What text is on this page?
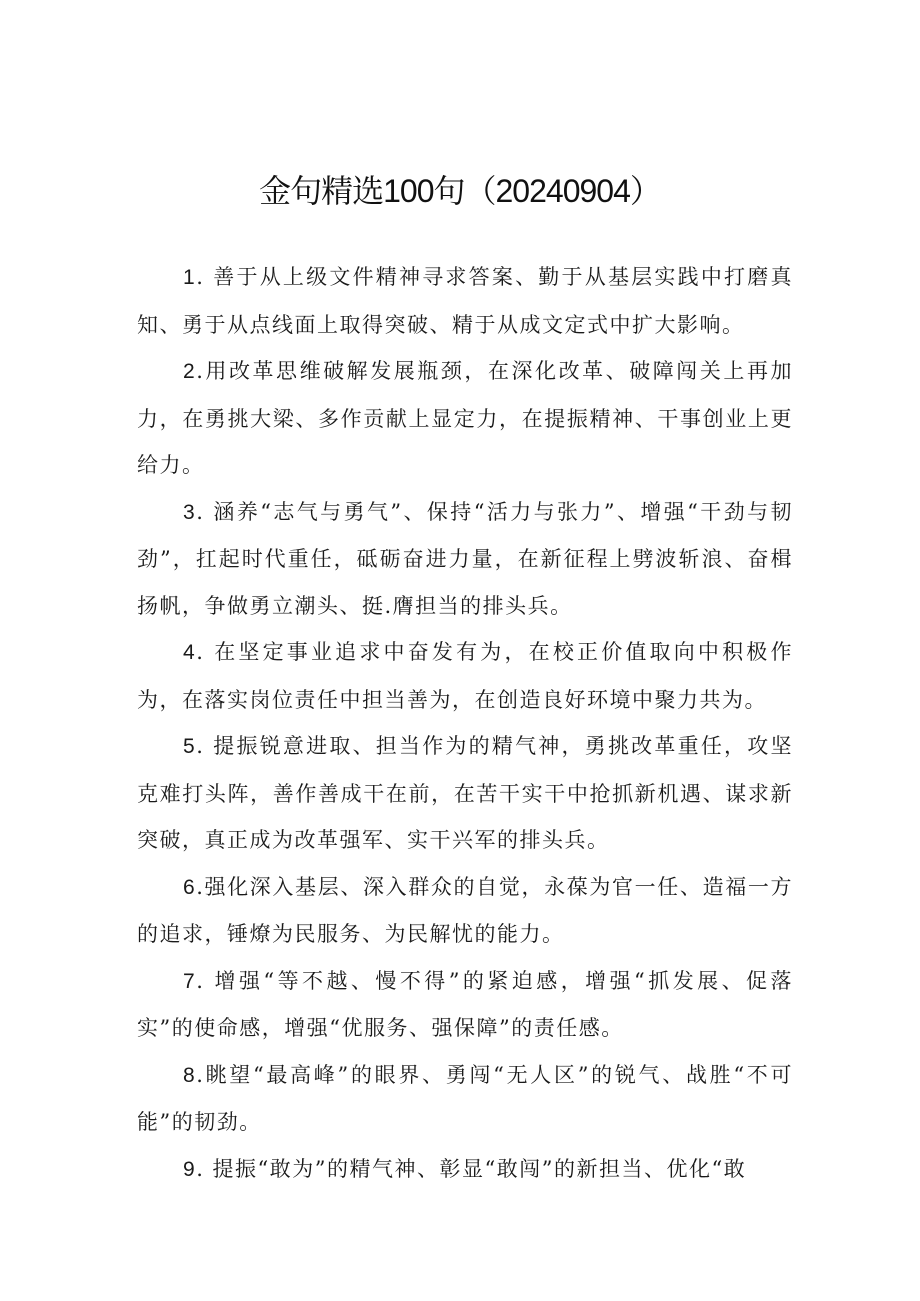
金句精选100句（20240904）

1. 善于从上级文件精神寻求答案、勤于从基层实践中打磨真知、勇于从点线面上取得突破、精于从成文定式中扩大影响。

2.用改革思维破解发展瓶颈，在深化改革、破障闯关上再加力，在勇挑大梁、多作贡献上显定力，在提振精神、干事创业上更给力。

3. 涵养“志气与勇气”、保持“活力与张力”、增强“干劲与韧劲”，扛起时代重任，砥砺奋进力量，在新征程上劈波斩浪、奋楫扬帆，争做勇立潮头、挺.膺担当的排头兵。

4. 在坚定事业追求中奋发有为，在校正价值取向中积极作为，在落实岗位责任中担当善为，在创造良好环境中聚力共为。

5. 提振锐意进取、担当作为的精气神，勇挑改革重任，攻坚克难打头阵，善作善成干在前，在苦干实干中抢抓新机遇、谋求新突破，真正成为改革强军、实干兴军的排头兵。

6.强化深入基层、深入群众的自觉，永葆为官一任、造福一方的追求，锤燎为民服务、为民解忧的能力。

7. 增强“等不越、慢不得”的紧迫感，增强“抓发展、促落实”的使命感，增强“优服务、强保障”的责任感。

8.眺望“最高峰”的眼界、勇闯“无人区”的锐气、战胜“不可能”的韧劲。

9. 提振“敢为”的精气神、彰显“敢闯”的新担当、优化“敢
